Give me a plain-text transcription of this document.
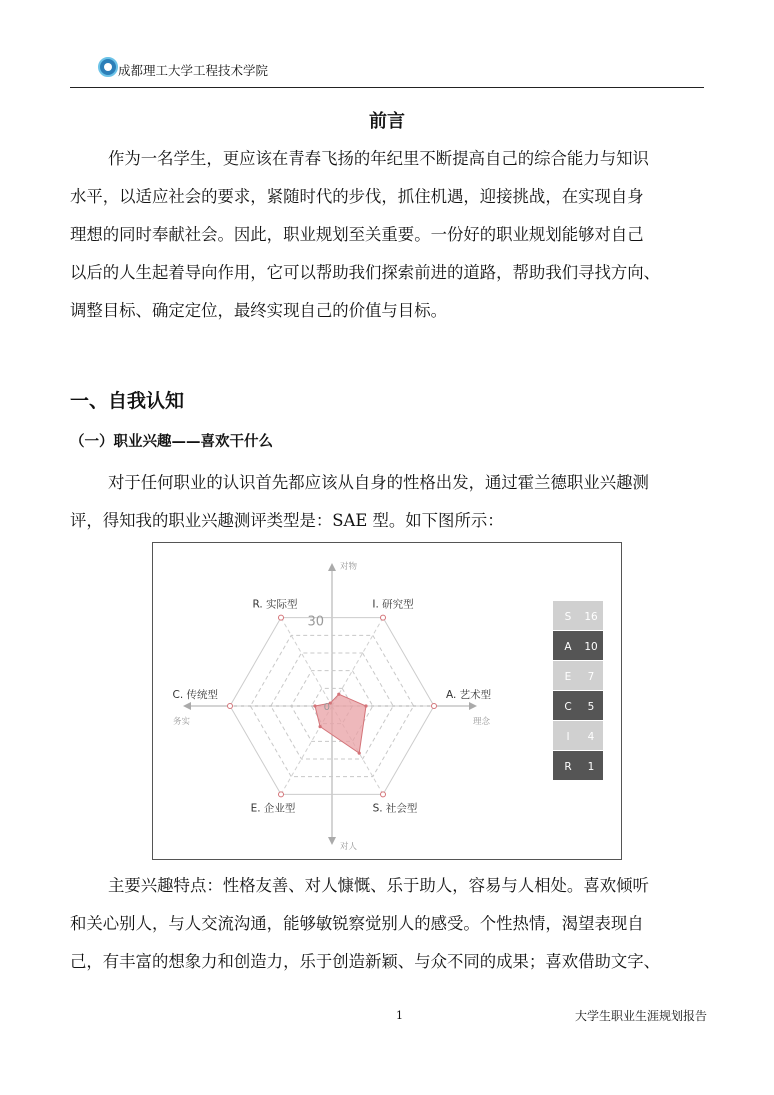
成都理工大学工程技术学院
前言
作为一名学生，更应该在青春飞扬的年纪里不断提高自己的综合能力与知识
水平，以适应社会的要求，紧随时代的步伐，抓住机遇，迎接挑战，在实现自身
理想的同时奉献社会。因此，职业规划至关重要。一份好的职业规划能够对自己
以后的人生起着导向作用，它可以帮助我们探索前进的道路，帮助我们寻找方向、
调整目标、确定定位，最终实现自己的价值与目标。
一、自我认知
（一）职业兴趣——喜欢干什么
对于任何职业的认识首先都应该从自身的性格出发，通过霍兰德职业兴趣测
评，得知我的职业兴趣测评类型是：SAE 型。如下图所示：
30
0
I. 研究型
A. 艺术型
S. 社会型
E. 企业型
C. 传统型
R. 实际型
对物
对人
务实	理念
S 16
A 10
E 7
C 5
I 4
R 1
主要兴趣特点：性格友善、对人慷慨、乐于助人，容易与人相处。喜欢倾听
和关心别人，与人交流沟通，能够敏锐察觉别人的感受。个性热情，渴望表现自
己，有丰富的想象力和创造力，乐于创造新颖、与众不同的成果；喜欢借助文字、
1	大学生职业生涯规划报告
